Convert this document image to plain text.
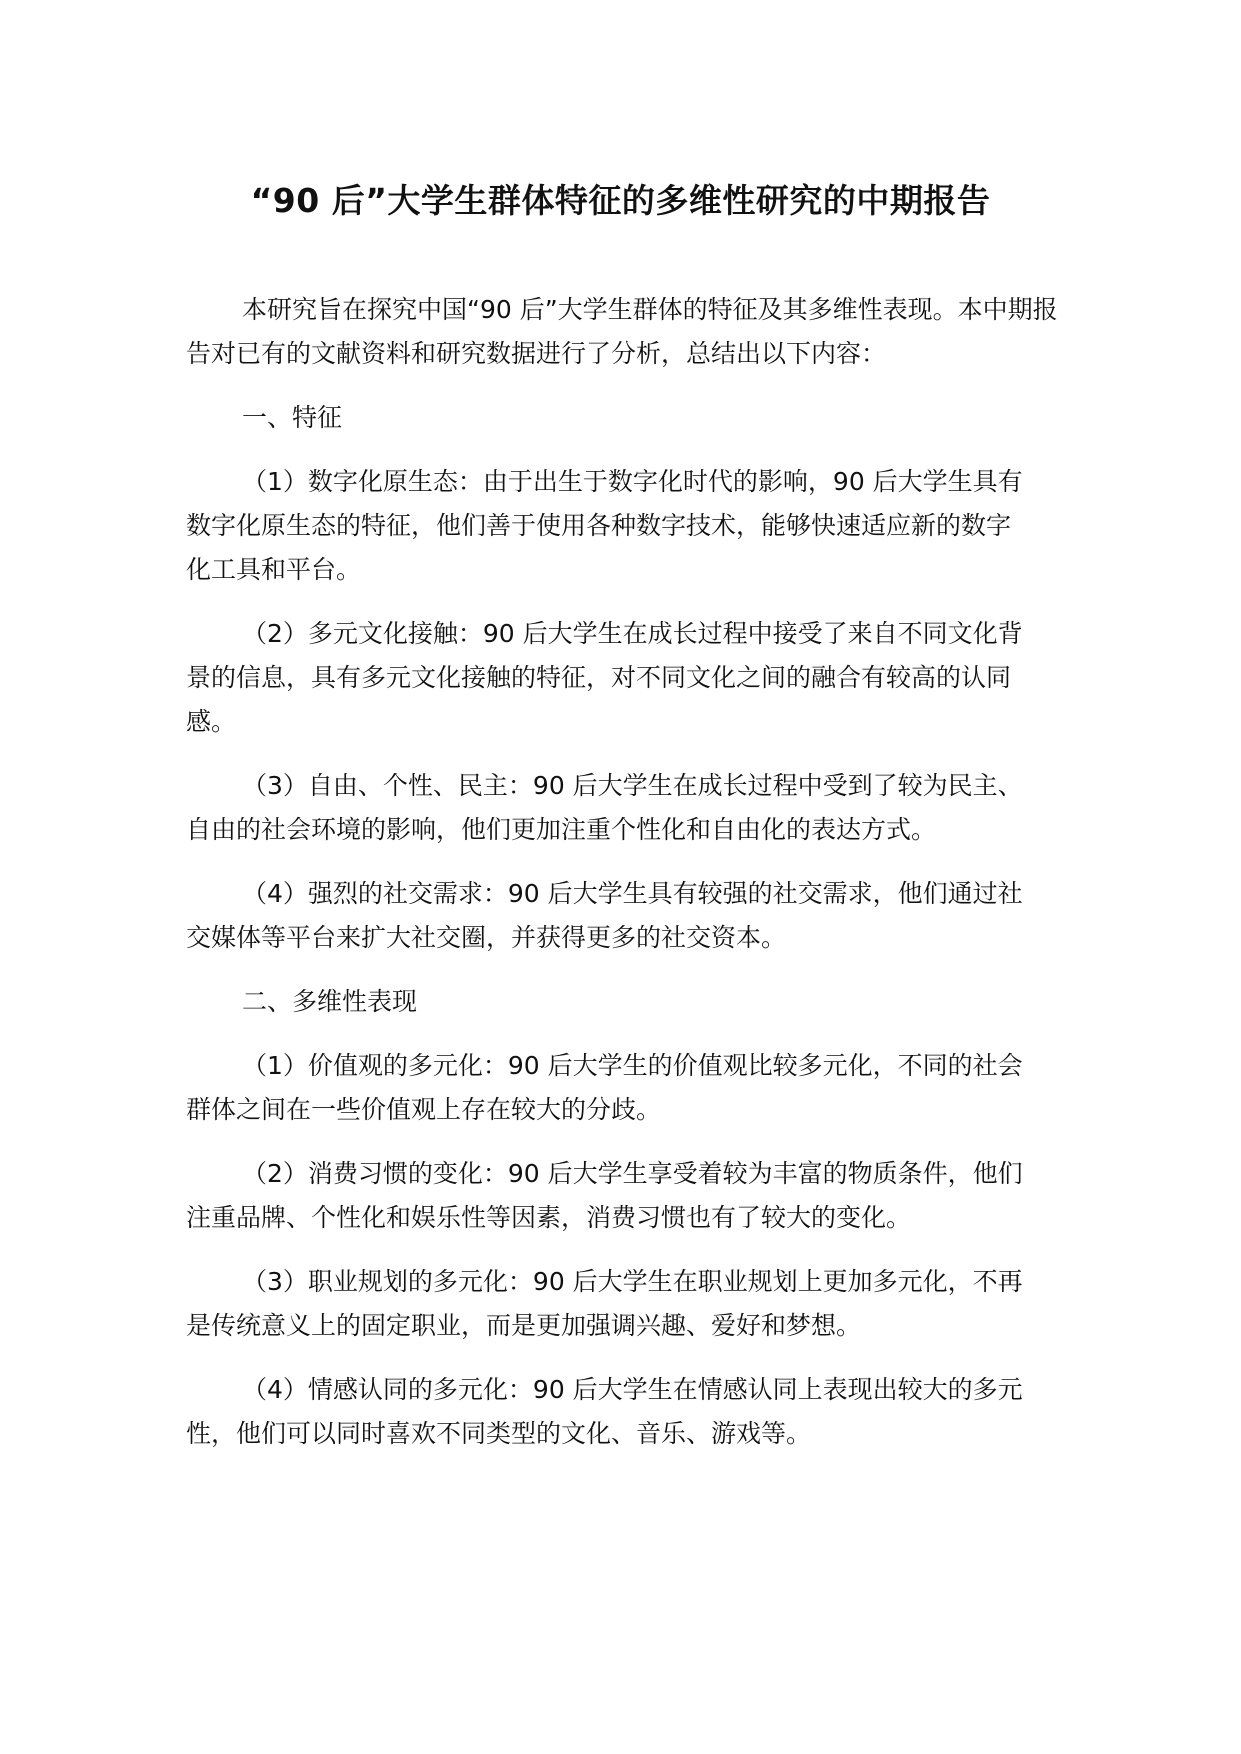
“90 后”大学生群体特征的多维性研究的中期报告

本研究旨在探究中国“90 后”大学生群体的特征及其多维性表现。本中期报告对已有的文献资料和研究数据进行了分析，总结出以下内容：

一、特征

（1）数字化原生态：由于出生于数字化时代的影响，90 后大学生具有数字化原生态的特征，他们善于使用各种数字技术，能够快速适应新的数字化工具和平台。

（2）多元文化接触：90 后大学生在成长过程中接受了来自不同文化背景的信息，具有多元文化接触的特征，对不同文化之间的融合有较高的认同感。

（3）自由、个性、民主：90 后大学生在成长过程中受到了较为民主、自由的社会环境的影响，他们更加注重个性化和自由化的表达方式。

（4）强烈的社交需求：90 后大学生具有较强的社交需求，他们通过社交媒体等平台来扩大社交圈，并获得更多的社交资本。

二、多维性表现

（1）价值观的多元化：90 后大学生的价值观比较多元化，不同的社会群体之间在一些价值观上存在较大的分歧。

（2）消费习惯的变化：90 后大学生享受着较为丰富的物质条件，他们注重品牌、个性化和娱乐性等因素，消费习惯也有了较大的变化。

（3）职业规划的多元化：90 后大学生在职业规划上更加多元化，不再是传统意义上的固定职业，而是更加强调兴趣、爱好和梦想。

（4）情感认同的多元化：90 后大学生在情感认同上表现出较大的多元性，他们可以同时喜欢不同类型的文化、音乐、游戏等。
